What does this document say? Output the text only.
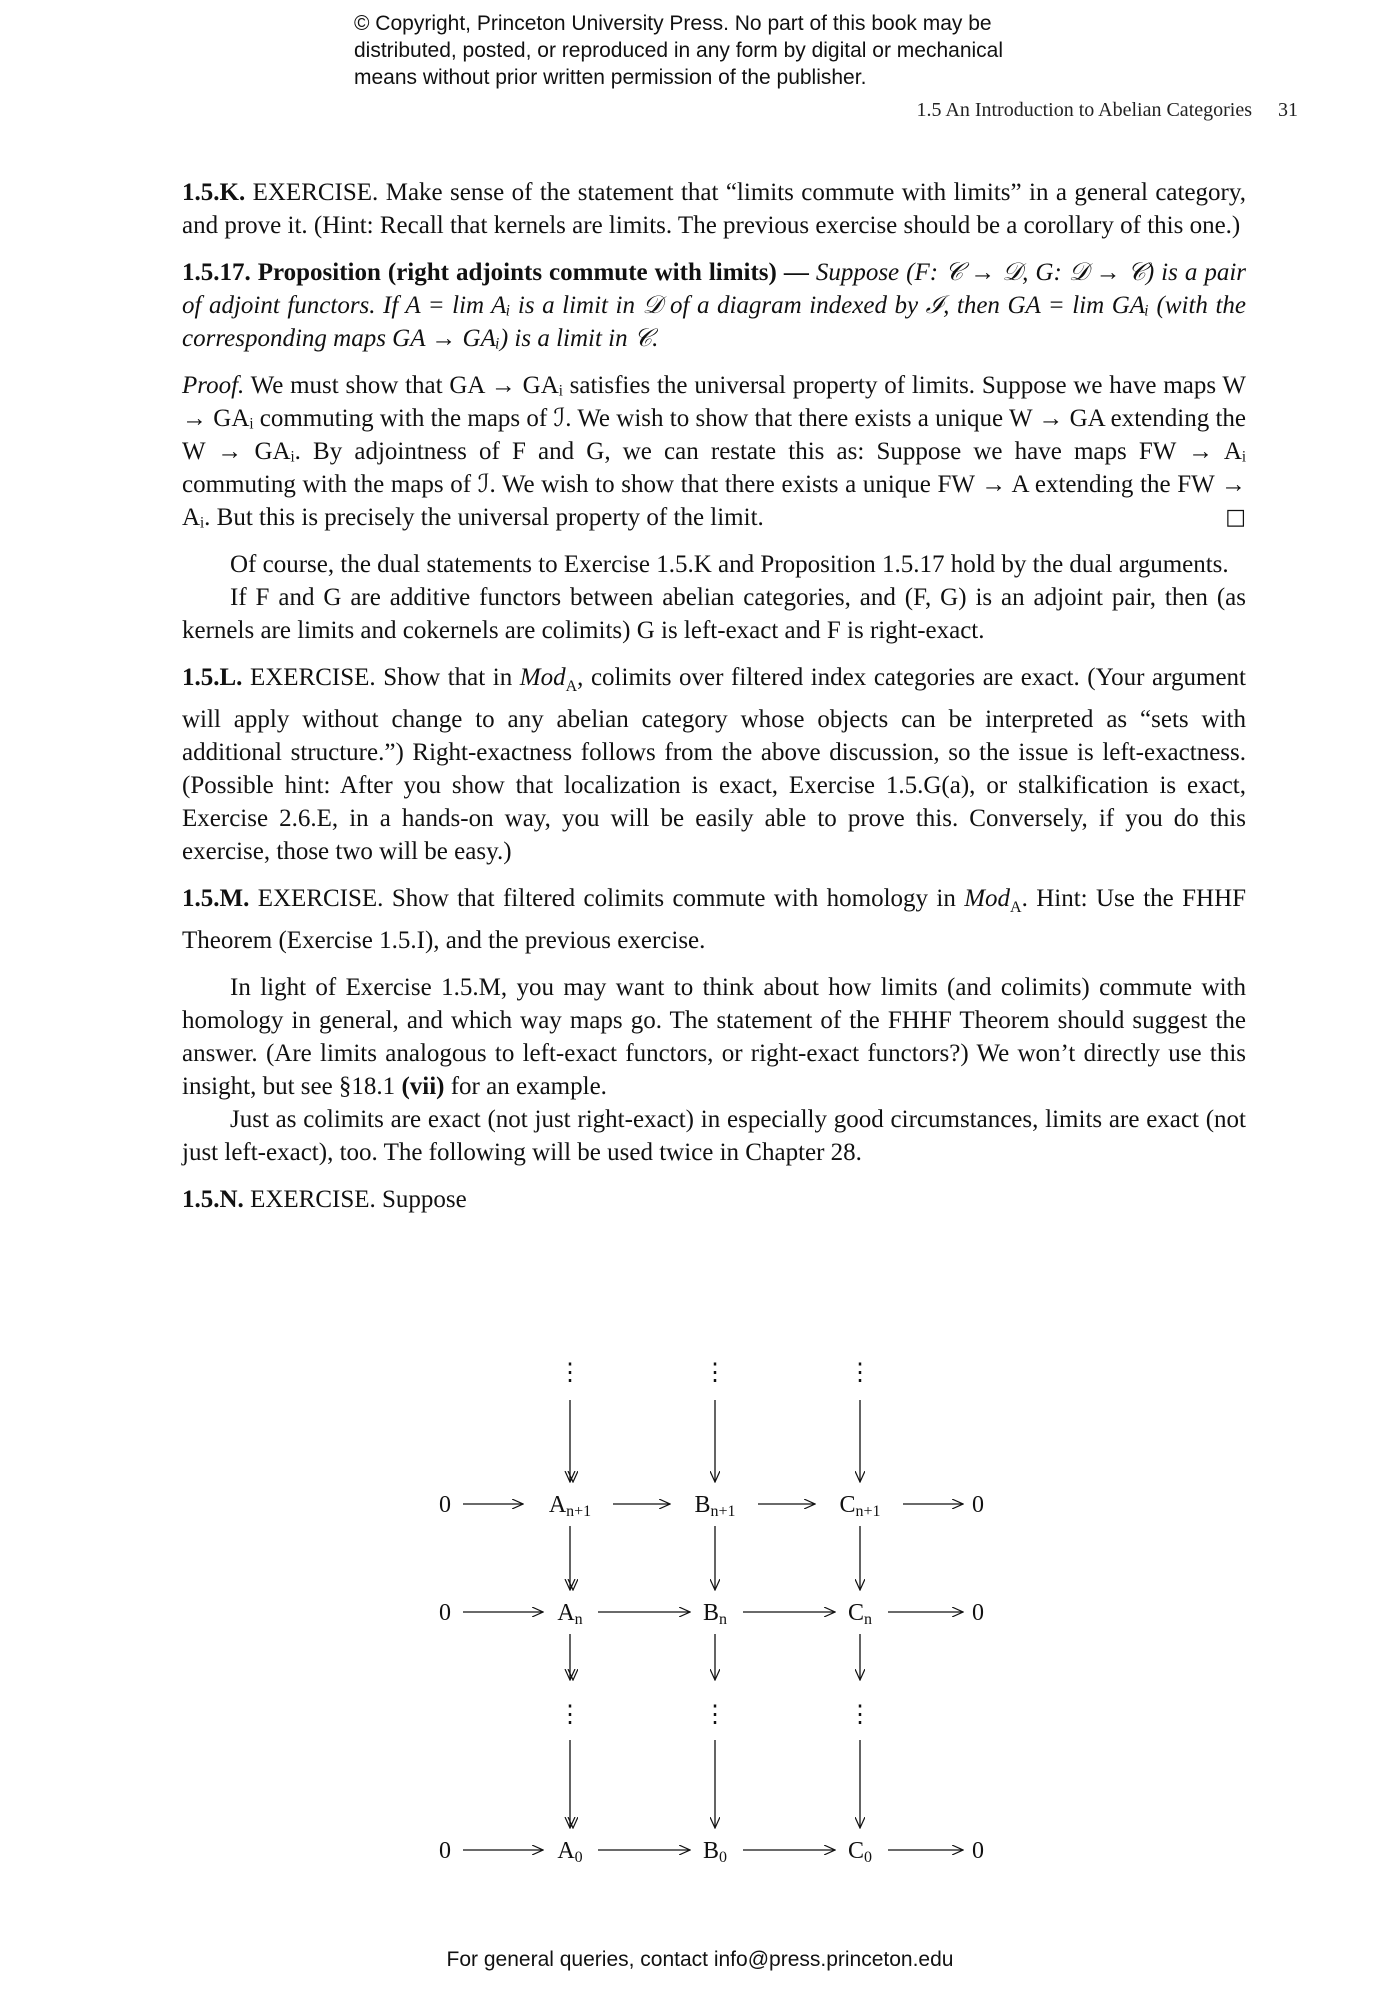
© Copyright, Princeton University Press. No part of this book may be
distributed, posted, or reproduced in any form by digital or mechanical
means without prior written permission of the publisher.
1.5 An Introduction to Abelian Categories 31

1.5.K. EXERCISE. Make sense of the statement that “limits commute with limits” in a general category, and prove it. (Hint: Recall that kernels are limits. The previous exercise should be a corollary of this one.)

1.5.17. Proposition (right adjoints commute with limits) — Suppose (F: 𝒞 → 𝒟, G: 𝒟 → 𝒞) is a pair of adjoint functors. If A = lim Aᵢ is a limit in 𝒟 of a diagram indexed by ℐ, then GA = lim GAᵢ (with the corresponding maps GA → GAᵢ) is a limit in 𝒞.

Proof. We must show that GA → GAᵢ satisfies the universal property of limits. Suppose we have maps W → GAᵢ commuting with the maps of ℐ. We wish to show that there exists a unique W → GA extending the W → GAᵢ. By adjointness of F and G, we can restate this as: Suppose we have maps FW → Aᵢ commuting with the maps of ℐ. We wish to show that there exists a unique FW → A extending the FW → Aᵢ. But this is precisely the universal property of the limit.	□

Of course, the dual statements to Exercise 1.5.K and Proposition 1.5.17 hold by the dual arguments.

If F and G are additive functors between abelian categories, and (F, G) is an adjoint pair, then (as kernels are limits and cokernels are colimits) G is left-exact and F is right-exact.

1.5.L. EXERCISE. Show that in Mod$_A$, colimits over filtered index categories are exact. (Your argument will apply without change to any abelian category whose objects can be interpreted as “sets with additional structure.”) Right-exactness follows from the above discussion, so the issue is left-exactness. (Possible hint: After you show that localization is exact, Exercise 1.5.G(a), or stalkification is exact, Exercise 2.6.E, in a hands-on way, you will be easily able to prove this. Conversely, if you do this exercise, those two will be easy.)

1.5.M. EXERCISE. Show that filtered colimits commute with homology in Mod$_A$. Hint: Use the FHHF Theorem (Exercise 1.5.I), and the previous exercise.

In light of Exercise 1.5.M, you may want to think about how limits (and colimits) commute with homology in general, and which way maps go. The statement of the FHHF Theorem should suggest the answer. (Are limits analogous to left-exact functors, or right-exact functors?) We won’t directly use this insight, but see §18.1 (vii) for an example.

Just as colimits are exact (not just right-exact) in especially good circumstances, limits are exact (not just left-exact), too. The following will be used twice in Chapter 28.

1.5.N. EXERCISE. Suppose

⋮	⋮	⋮
0	An+1	Bn+1	Cn+1	0
0	An	Bn	Cn	0
⋮	⋮	⋮
0	A0	B0	C0	0
For general queries, contact info@press.princeton.edu
